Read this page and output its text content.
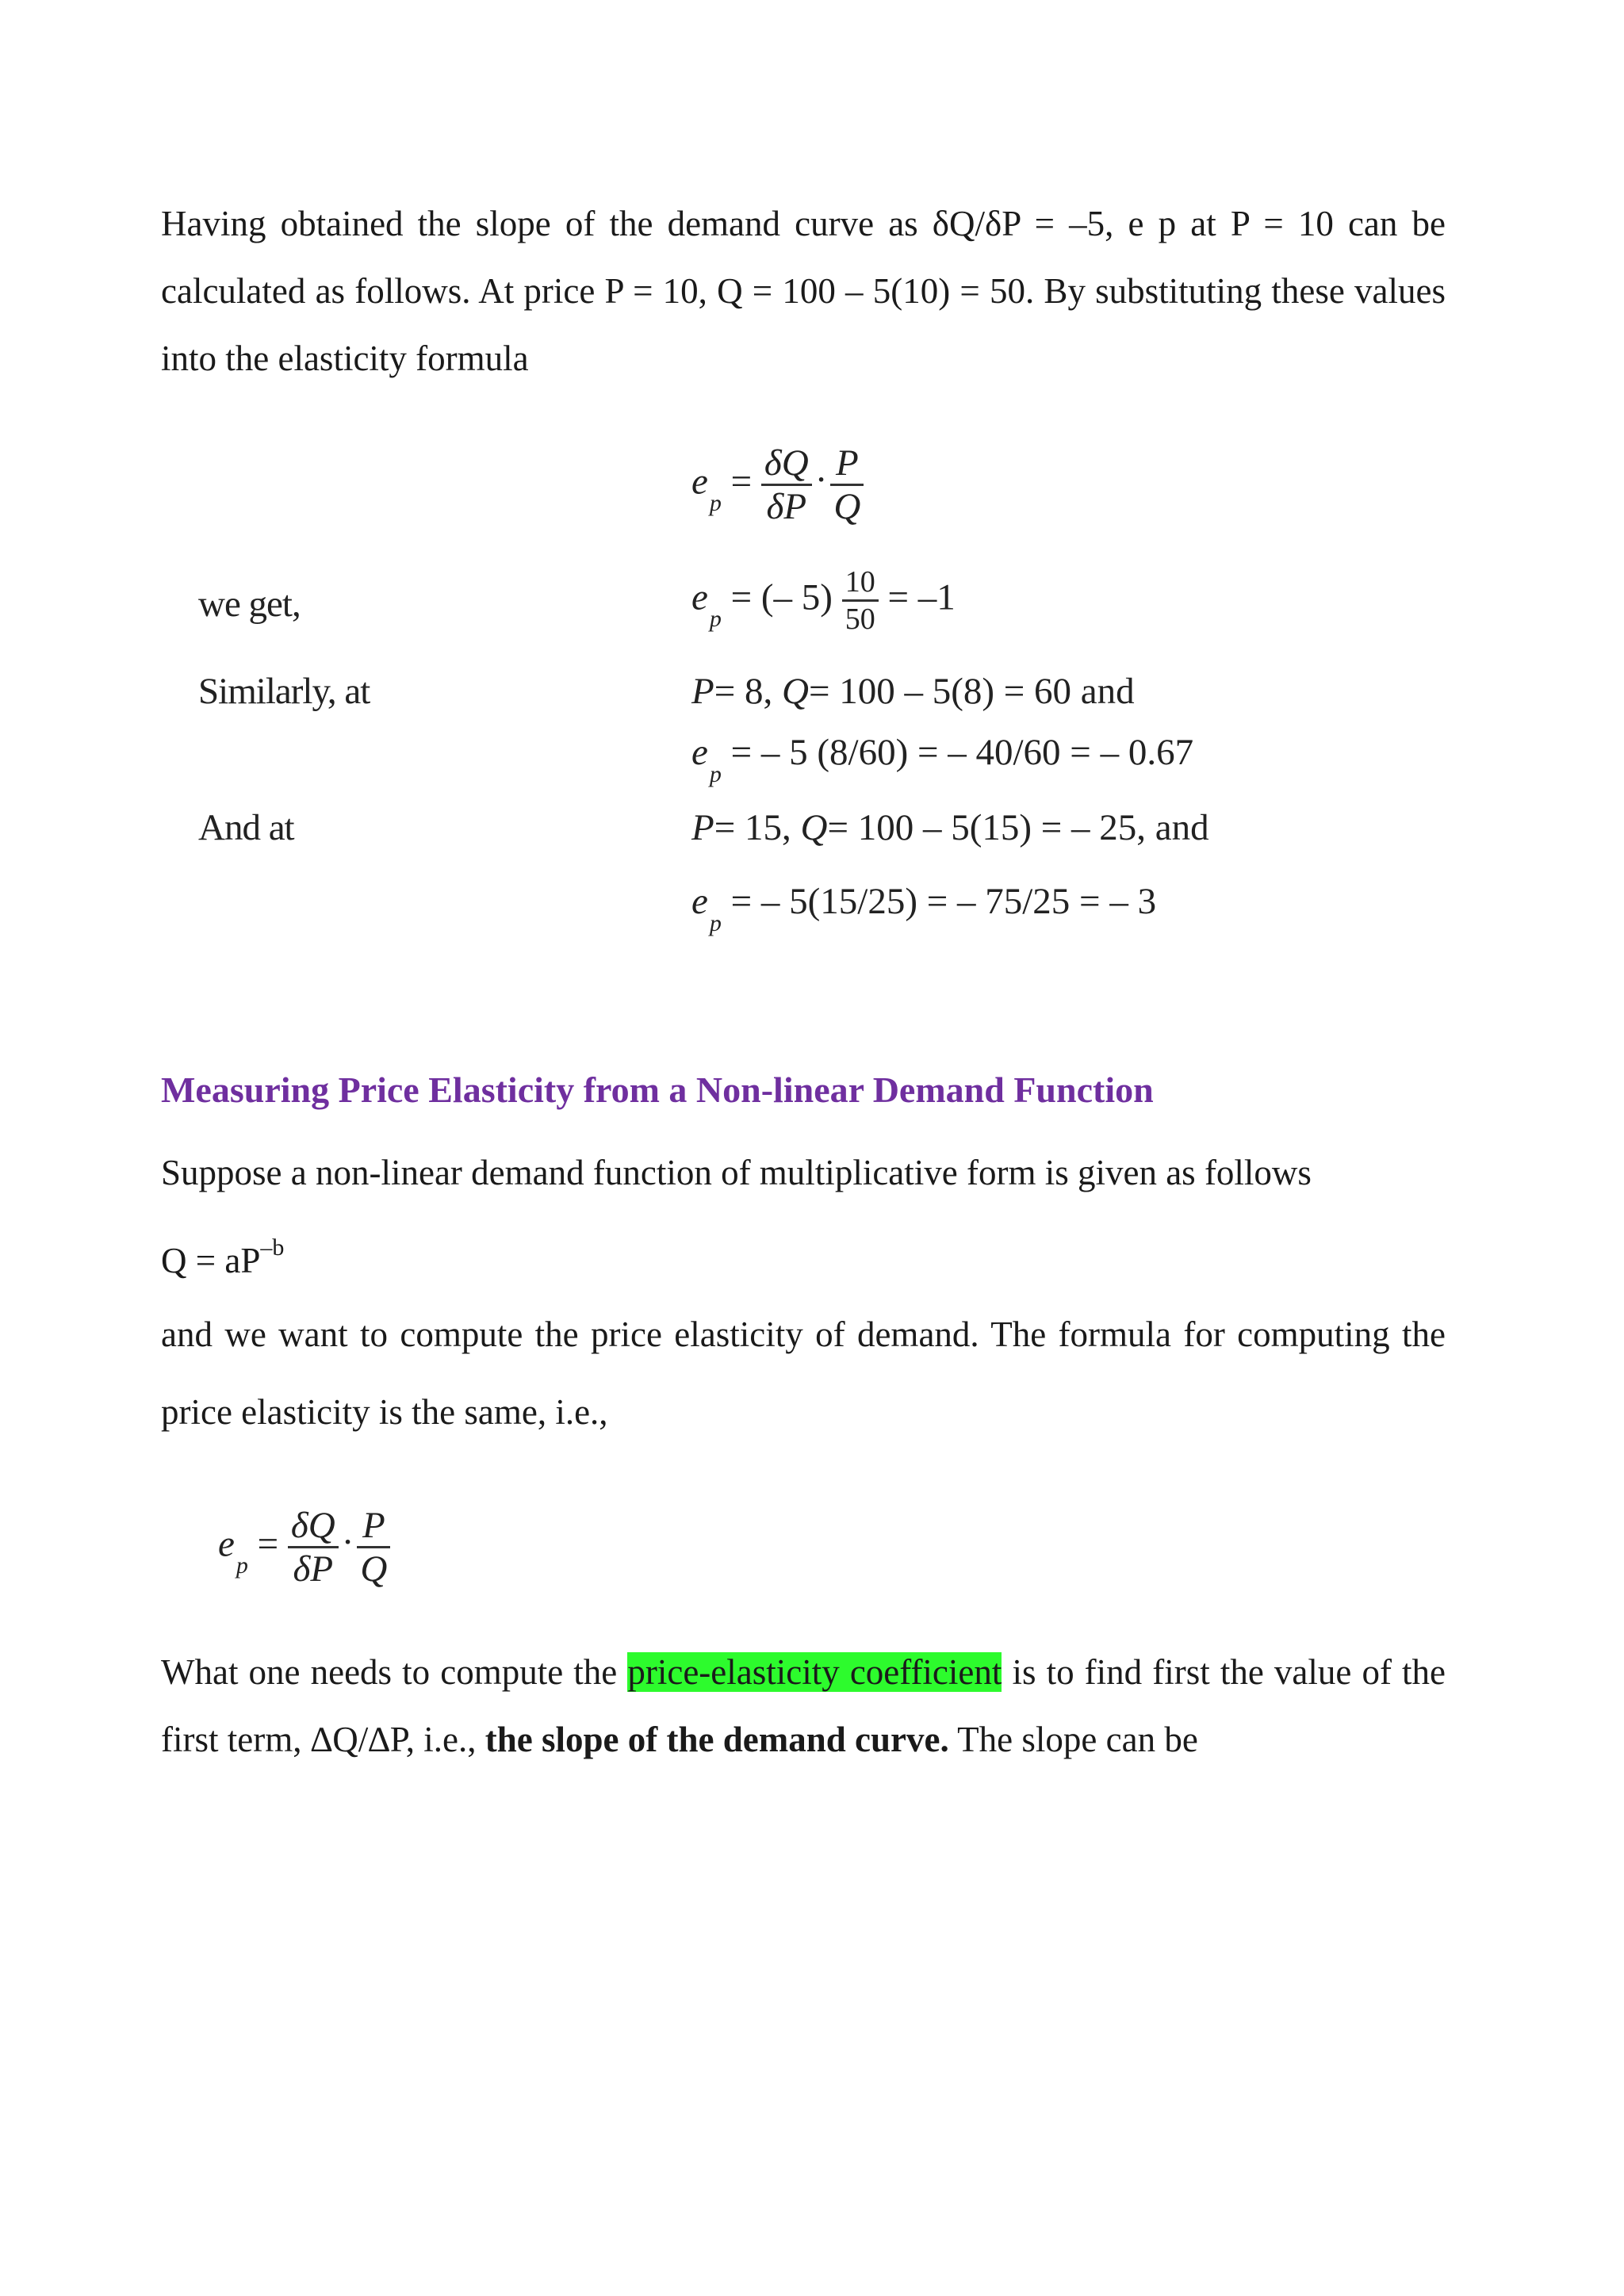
Having obtained the slope of the demand curve as δQ/δP = –5, e p at P = 10 can be calculated as follows. At price P = 10, Q = 100 – 5(10) = 50. By substituting these values into the elasticity formula
$e_p = \frac{\delta Q}{\delta P} \cdot \frac{P}{Q}$
we get,	$e_p$ = (– $5) \frac{10}{50} = -1$
Similarly, at	P= 8, Q= 100 – 5(8) = 60 and
$e_p$ = – 5 (8/60) = – 40/60 = – 0.67
And at	P= 15, Q= 100 – 5(15) = – 25, and
$e_p$ = – 5(15/25) = – 75/25 = – 3
Measuring Price Elasticity from a Non-linear Demand Function
Suppose a non-linear demand function of multiplicative form is given as follows
$Q = aP^{-b}$
and we want to compute the price elasticity of demand. The formula for computing the price elasticity is the same, i.e.,
$e_p = \frac{\delta Q}{\delta P} \cdot \frac{P}{Q}$
What one needs to compute the price-elasticity coefficient is to find first the value of the first term, ∆Q/∆P, i.e., the slope of the demand curve. The slope can be
